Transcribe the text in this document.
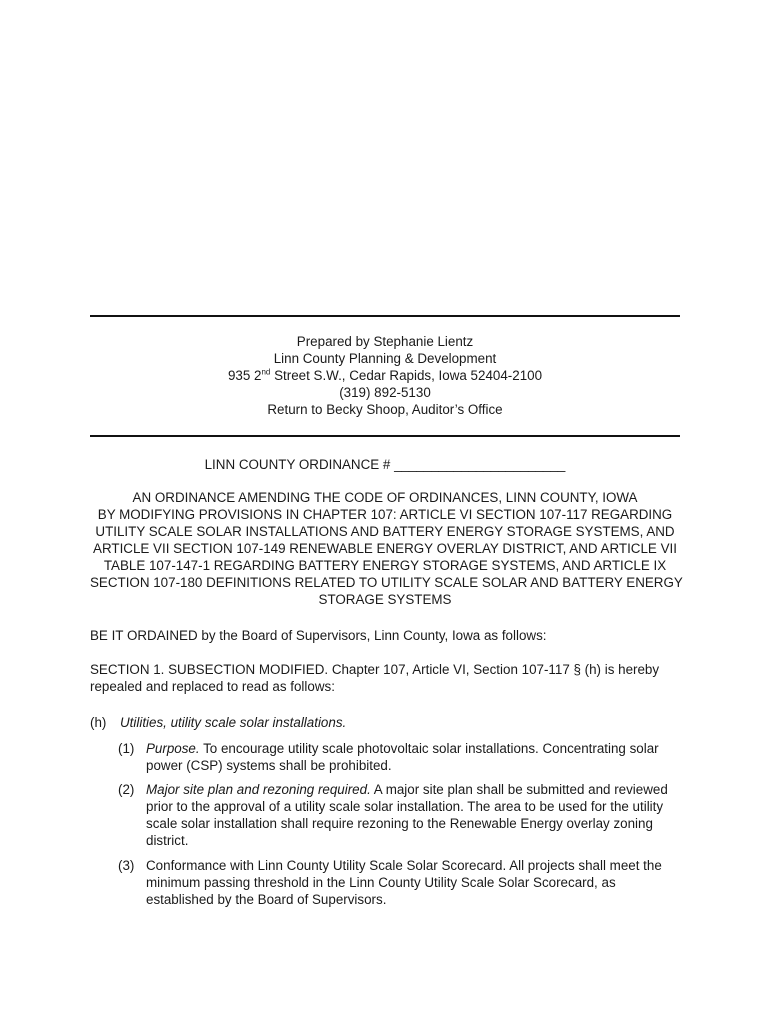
Prepared by Stephanie Lientz
Linn County Planning & Development
935 2nd Street S.W., Cedar Rapids, Iowa 52404-2100
(319) 892-5130
Return to Becky Shoop, Auditor’s Office
LINN COUNTY ORDINANCE # _______________________
AN ORDINANCE AMENDING THE CODE OF ORDINANCES, LINN COUNTY, IOWA
BY MODIFYING PROVISIONS IN CHAPTER 107: ARTICLE VI SECTION 107-117 REGARDING
UTILITY SCALE SOLAR INSTALLATIONS AND BATTERY ENERGY STORAGE SYSTEMS, AND
ARTICLE VII SECTION 107-149 RENEWABLE ENERGY OVERLAY DISTRICT, AND ARTICLE VII
TABLE 107-147-1 REGARDING BATTERY ENERGY STORAGE SYSTEMS, AND ARTICLE IX
SECTION 107-180 DEFINITIONS RELATED TO UTILITY SCALE SOLAR AND BATTERY ENERGY
STORAGE SYSTEMS
BE IT ORDAINED by the Board of Supervisors, Linn County, Iowa as follows:
SECTION 1. SUBSECTION MODIFIED. Chapter 107, Article VI, Section 107-117 § (h) is hereby repealed and replaced to read as follows:
(h) Utilities, utility scale solar installations.
(1) Purpose. To encourage utility scale photovoltaic solar installations. Concentrating solar power (CSP) systems shall be prohibited.
(2) Major site plan and rezoning required. A major site plan shall be submitted and reviewed prior to the approval of a utility scale solar installation. The area to be used for the utility scale solar installation shall require rezoning to the Renewable Energy overlay zoning district.
(3) Conformance with Linn County Utility Scale Solar Scorecard. All projects shall meet the minimum passing threshold in the Linn County Utility Scale Solar Scorecard, as established by the Board of Supervisors.
